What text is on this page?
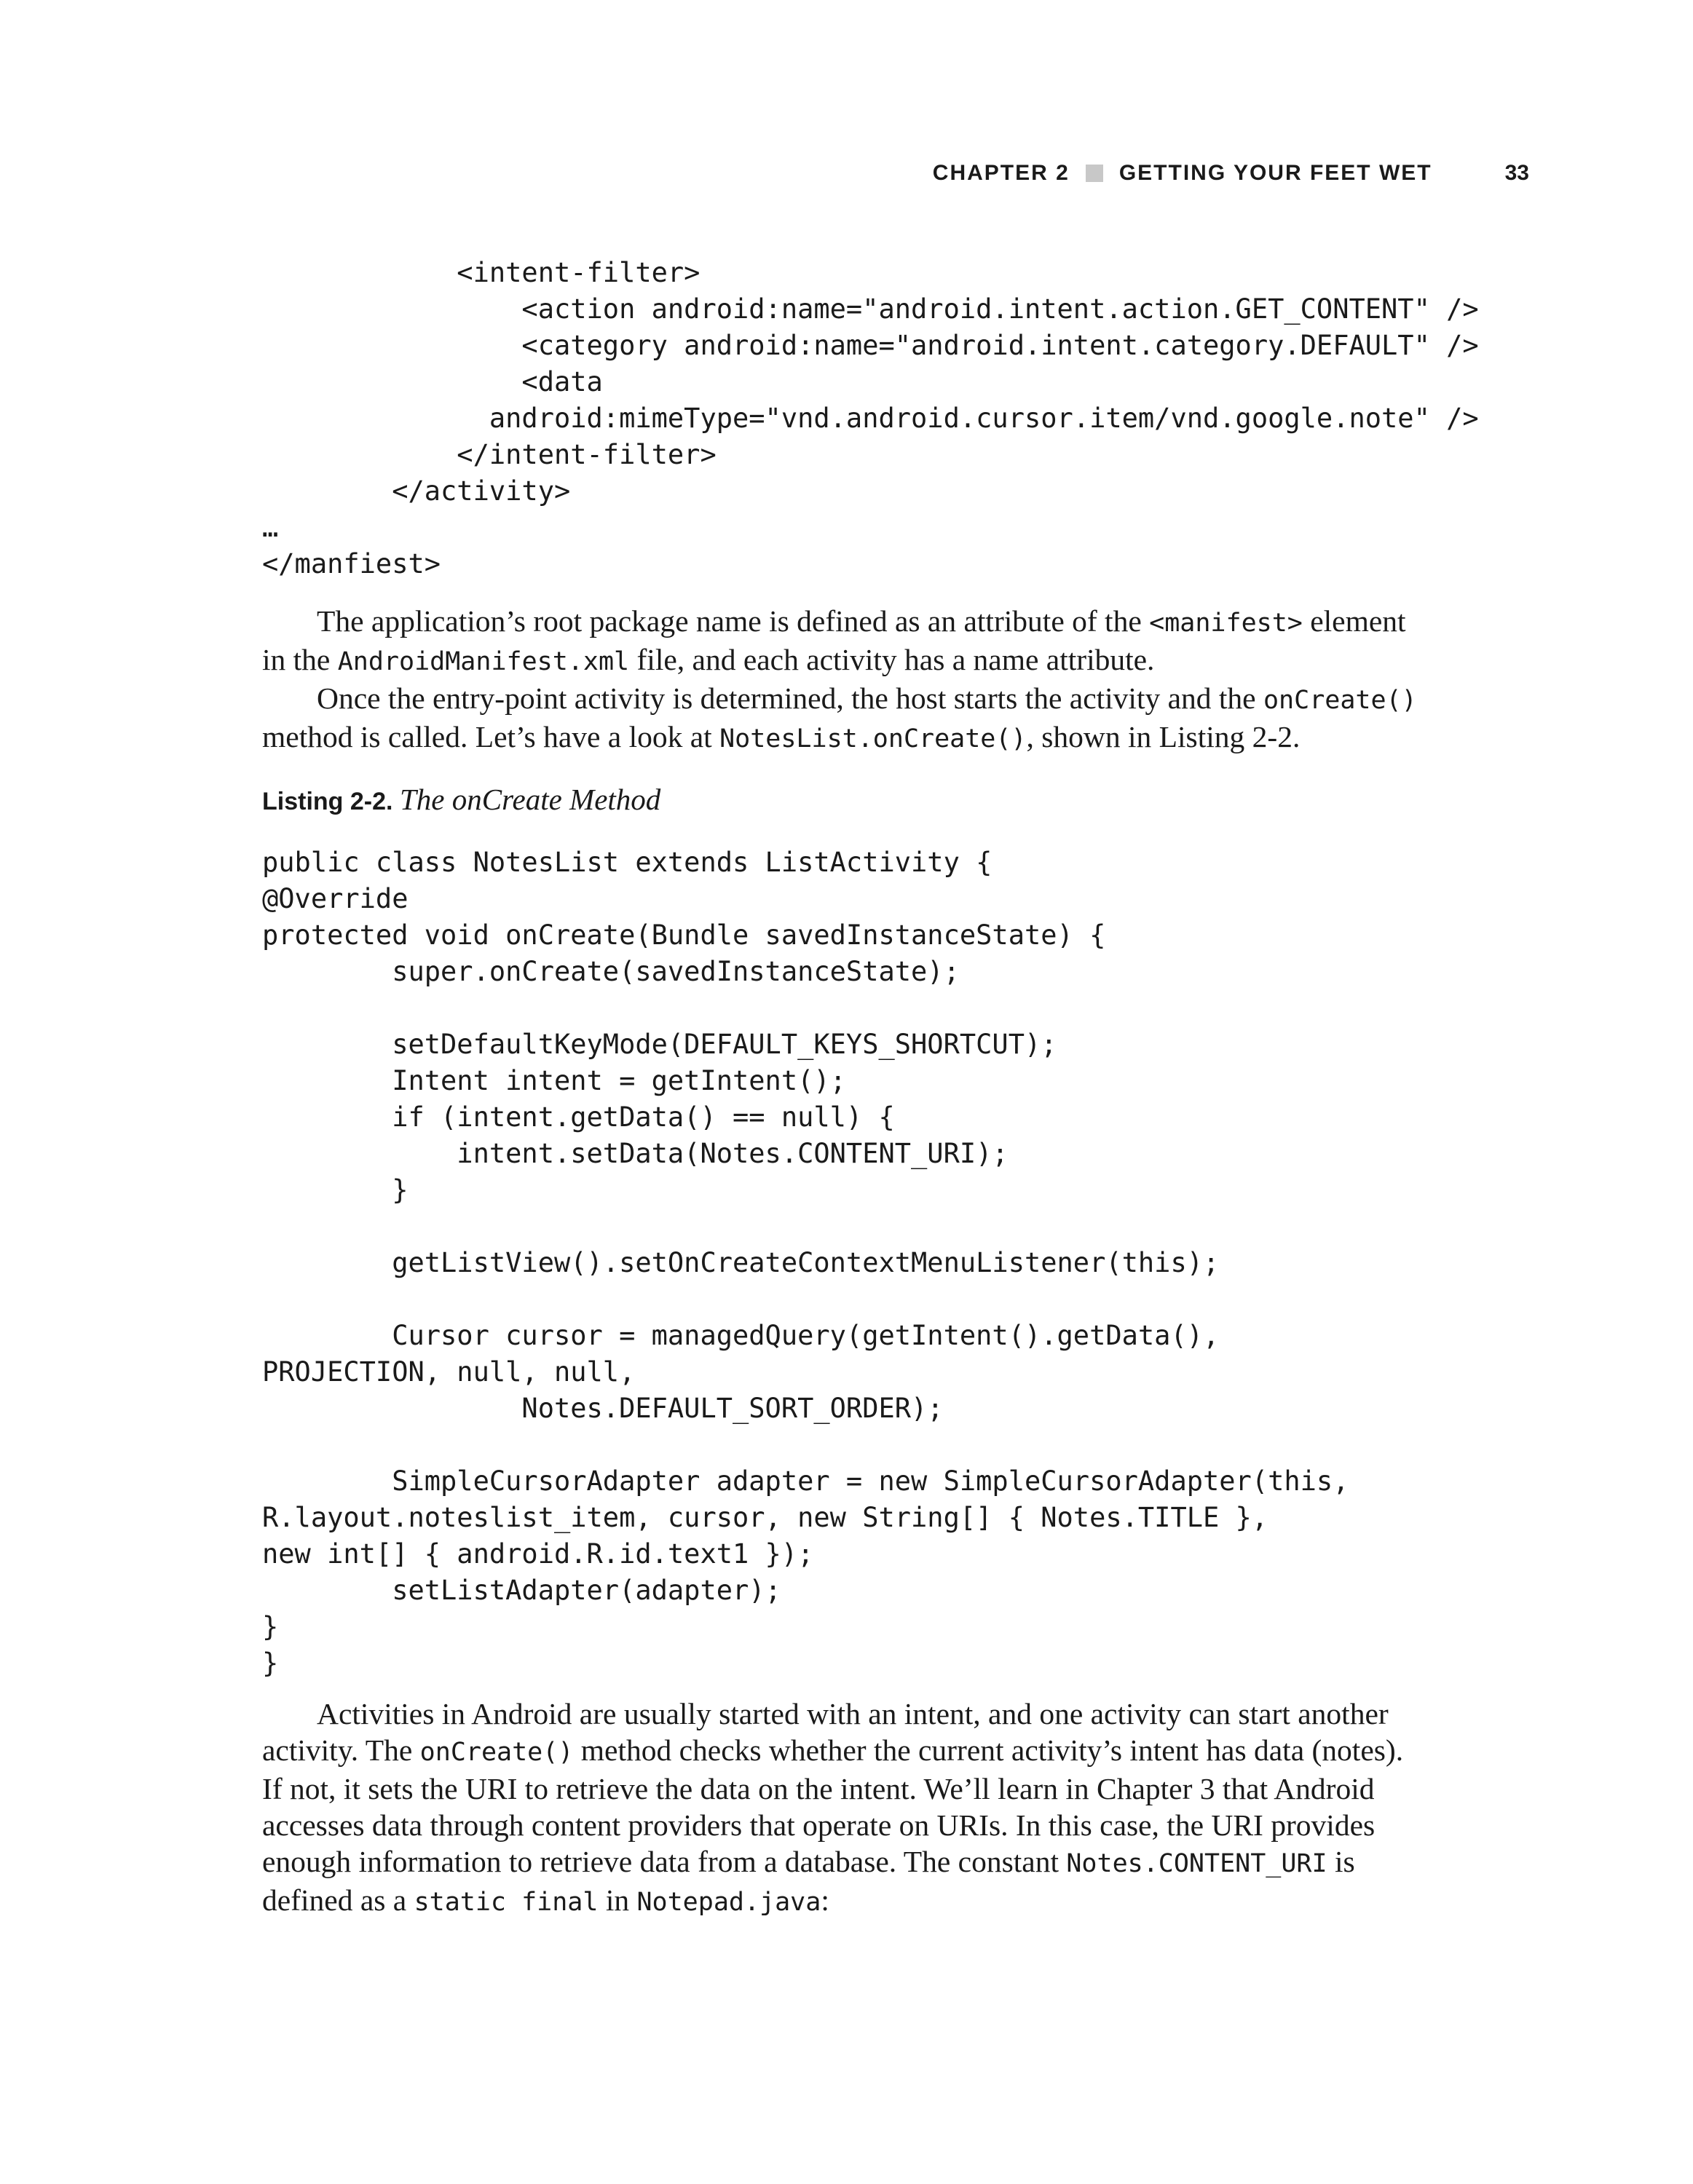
CHAPTER 2 GETTING YOUR FEET WET	33
<intent-filter>
<action android:name="android.intent.action.GET_CONTENT" />
<category android:name="android.intent.category.DEFAULT" />
<data
android:mimeType="vnd.android.cursor.item/vnd.google.note" />
</intent-filter>
</activity>
…
</manfiest>

The application’s root package name is defined as an attribute of the <manifest> element in the AndroidManifest.xml file, and each activity has a name attribute.

Once the entry-point activity is determined, the host starts the activity and the onCreate() method is called. Let’s have a look at NotesList.onCreate(), shown in Listing 2-2.

Listing 2-2. The onCreate Method
public class NotesList extends ListActivity {
@Override
protected void onCreate(Bundle savedInstanceState) {
super.onCreate(savedInstanceState);
setDefaultKeyMode(DEFAULT_KEYS_SHORTCUT);
Intent intent = getIntent();
if (intent.getData() == null) {
intent.setData(Notes.CONTENT_URI);
}
getListView().setOnCreateContextMenuListener(this);
Cursor cursor = managedQuery(getIntent().getData(),
PROJECTION, null, null,
Notes.DEFAULT_SORT_ORDER);
SimpleCursorAdapter adapter = new SimpleCursorAdapter(this,
R.layout.noteslist_item, cursor, new String[] { Notes.TITLE },
new int[] { android.R.id.text1 });
setListAdapter(adapter);
}
}

Activities in Android are usually started with an intent, and one activity can start another activity. The onCreate() method checks whether the current activity’s intent has data (notes). If not, it sets the URI to retrieve the data on the intent. We’ll learn in Chapter 3 that Android accesses data through content providers that operate on URIs. In this case, the URI provides enough information to retrieve data from a database. The constant Notes.CONTENT_URI is defined as a static final in Notepad.java:
